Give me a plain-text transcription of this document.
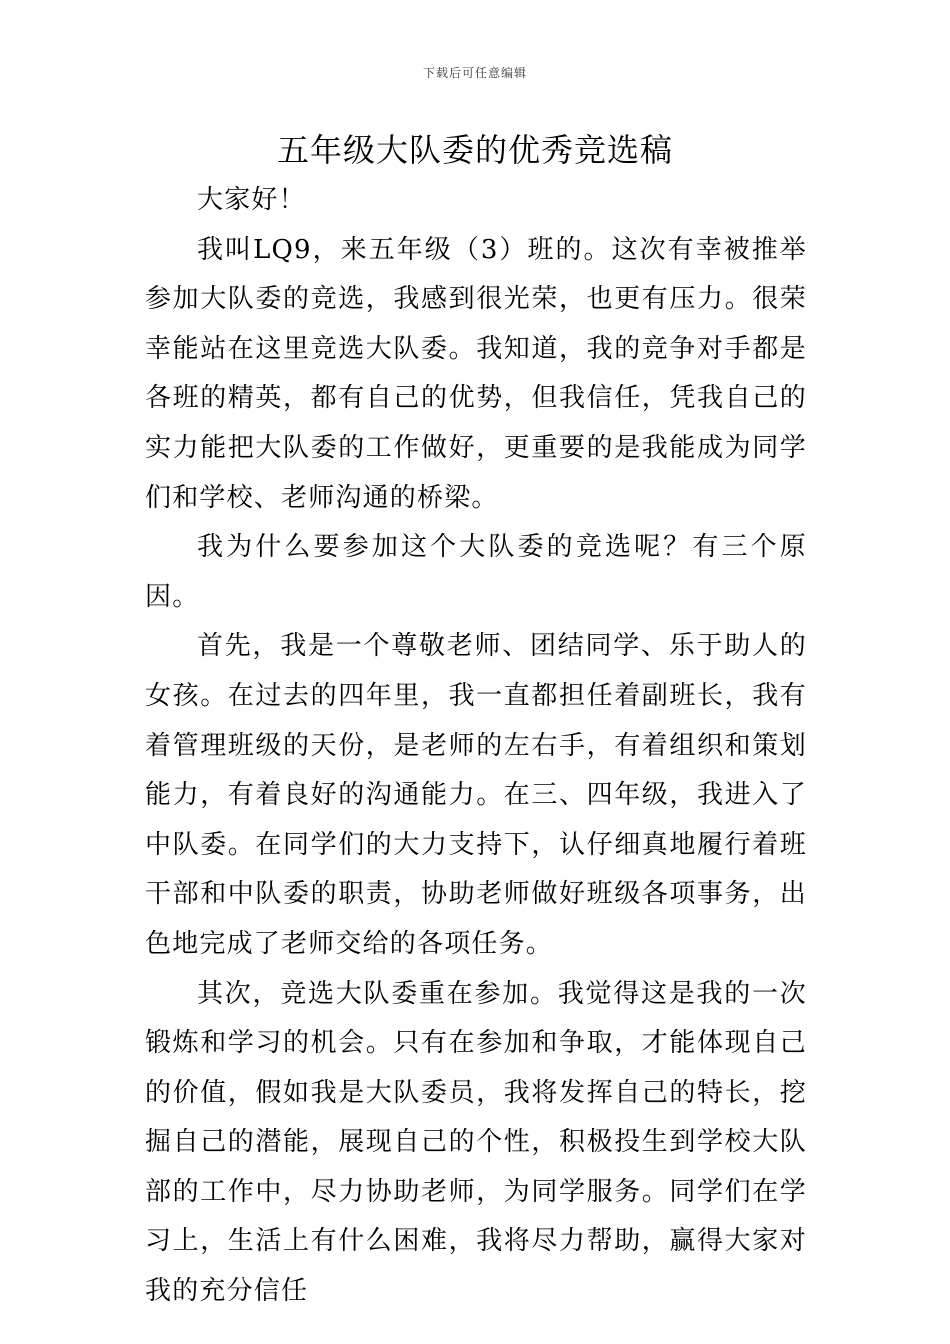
下载后可任意编辑
五年级大队委的优秀竞选稿

大家好！

我叫LQ9，来五年级（3）班的。这次有幸被推举参加大队委的竞选，我感到很光荣，也更有压力。很荣幸能站在这里竞选大队委。我知道，我的竞争对手都是各班的精英，都有自己的优势，但我信任，凭我自己的实力能把大队委的工作做好，更重要的是我能成为同学们和学校、老师沟通的桥梁。

我为什么要参加这个大队委的竞选呢？有三个原因。

首先，我是一个尊敬老师、团结同学、乐于助人的女孩。在过去的四年里，我一直都担任着副班长，我有着管理班级的天份，是老师的左右手，有着组织和策划能力，有着良好的沟通能力。在三、四年级，我进入了中队委。在同学们的大力支持下，认仔细真地履行着班干部和中队委的职责，协助老师做好班级各项事务，出色地完成了老师交给的各项任务。

其次，竞选大队委重在参加。我觉得这是我的一次锻炼和学习的机会。只有在参加和争取，才能体现自己的价值，假如我是大队委员，我将发挥自己的特长，挖掘自己的潜能，展现自己的个性，积极投生到学校大队部的工作中，尽力协助老师，为同学服务。同学们在学习上，生活上有什么困难，我将尽力帮助，赢得大家对我的充分信任
